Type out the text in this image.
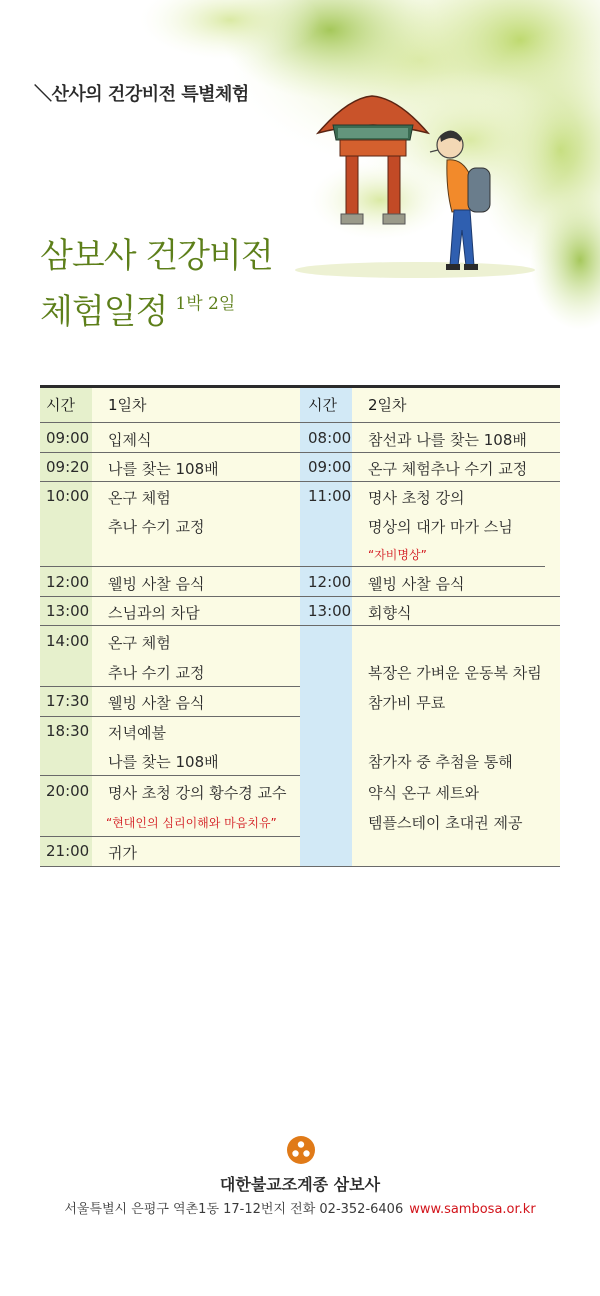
＼산사의 건강비전 특별체험
삼보사 건강비전
체험일정 $^{1박 2일}$
시간 1일차	시간 2일차
09:00 입제식
09:20 나를 찾는 108배
10:00 온구 체험
추나 수기 교정
12:00 웰빙 사찰 음식
13:00 스님과의 차담
14:00 온구 체험
추나 수기 교정
17:30 웰빙 사찰 음식
18:30 저녁예불
나를 찾는 108배
20:00 명사 초청 강의 황수경 교수
“현대인의 심리이해와 마음치유”
21:00 귀가
08:00 참선과 나를 찾는 108배
09:00 온구 체험추나 수기 교정
11:00 명사 초청 강의
명상의 대가 마가 스님
“자비명상”
12:00 웰빙 사찰 음식
13:00 회향식
복장은 가벼운 운동복 차림
참가비 무료
참가자 중 추첨을 통해
약식 온구 세트와
템플스테이 초대권 제공
대한불교조계종 삼보사
서울특별시 은평구 역촌1동 17-12번지 전화 02-352-6406 www.sambosa.or.kr
